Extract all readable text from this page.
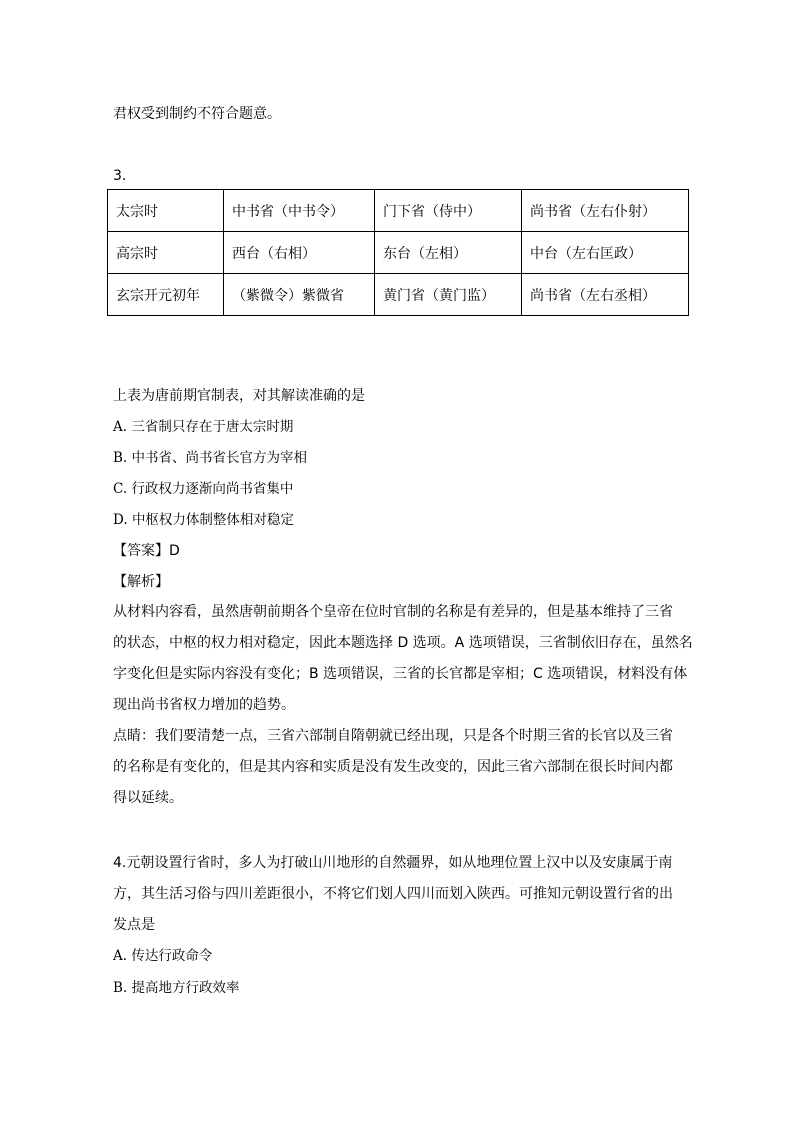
君权受到制约不符合题意。
3.
太宗时	中书省（中书令）	门下省（侍中）	尚书省（左右仆射）
高宗时	西台（右相）	东台（左相）	中台（左右匡政）
玄宗开元初年	（紫微令）紫微省	黄门省（黄门监）	尚书省（左右丞相）
上表为唐前期官制表，对其解读准确的是
A. 三省制只存在于唐太宗时期
B. 中书省、尚书省长官方为宰相
C. 行政权力逐渐向尚书省集中
D. 中枢权力体制整体相对稳定
【答案】D
【解析】
从材料内容看，虽然唐朝前期各个皇帝在位时官制的名称是有差异的，但是基本维持了三省
的状态，中枢的权力相对稳定，因此本题选择 D 选项。A 选项错误，三省制依旧存在，虽然名
字变化但是实际内容没有变化；B 选项错误，三省的长官都是宰相；C 选项错误，材料没有体
现出尚书省权力增加的趋势。
点睛：我们要清楚一点，三省六部制自隋朝就已经出现，只是各个时期三省的长官以及三省
的名称是有变化的，但是其内容和实质是没有发生改变的，因此三省六部制在很长时间内都
得以延续。
4.元朝设置行省时，多人为打破山川地形的自然疆界，如从地理位置上汉中以及安康属于南
方，其生活习俗与四川差距很小，不将它们划人四川而划入陕西。可推知元朝设置行省的出
发点是
A. 传达行政命令
B. 提高地方行政效率
